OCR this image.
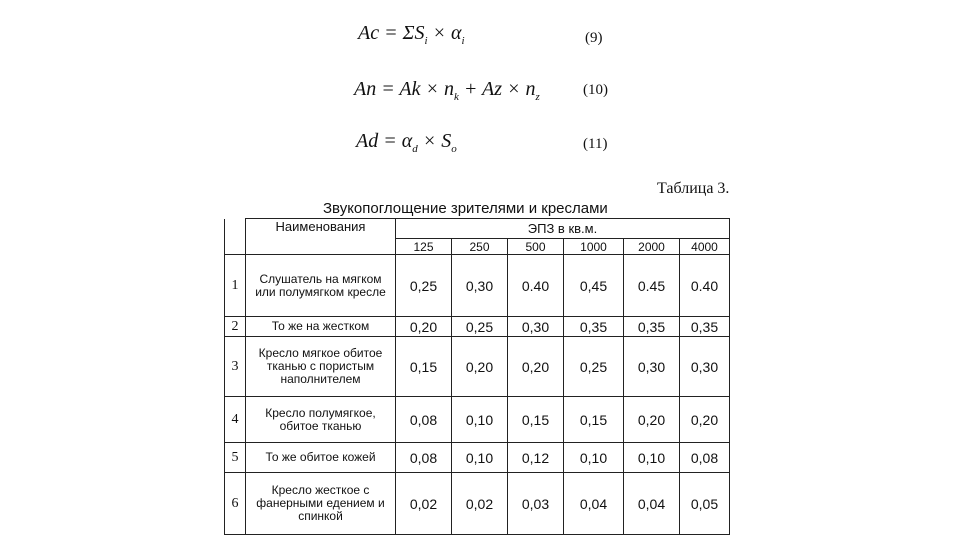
$Ac = \Sigma S_i \times \alpha_i$	(9)
$An = Ak \times n_k + Az \times n_z$	(10)
$Ad = \alpha_d \times S_o$	(11)
Таблица 3.
Звукопоглощение зрителями и креслами
	Наименования	ЭПЗ в кв.м.					
		125	250	500	1000	2000	4000
1	Слушатель на мягком или полумягком кресле	0,25	0,30	0.40	0,45	0.45	0.40
2	То же на жестком	0,20	0,25	0,30	0,35	0,35	0,35
3	Кресло мягкое обитое тканью с пористым наполнителем	0,15	0,20	0,20	0,25	0,30	0,30
4	Кресло полумягкое, обитое тканью	0,08	0,10	0,15	0,15	0,20	0,20
5	То же обитое кожей	0,08	0,10	0,12	0,10	0,10	0,08
6	Кресло жесткое с фанерными едением и спинкой	0,02	0,02	0,03	0,04	0,04	0,05
